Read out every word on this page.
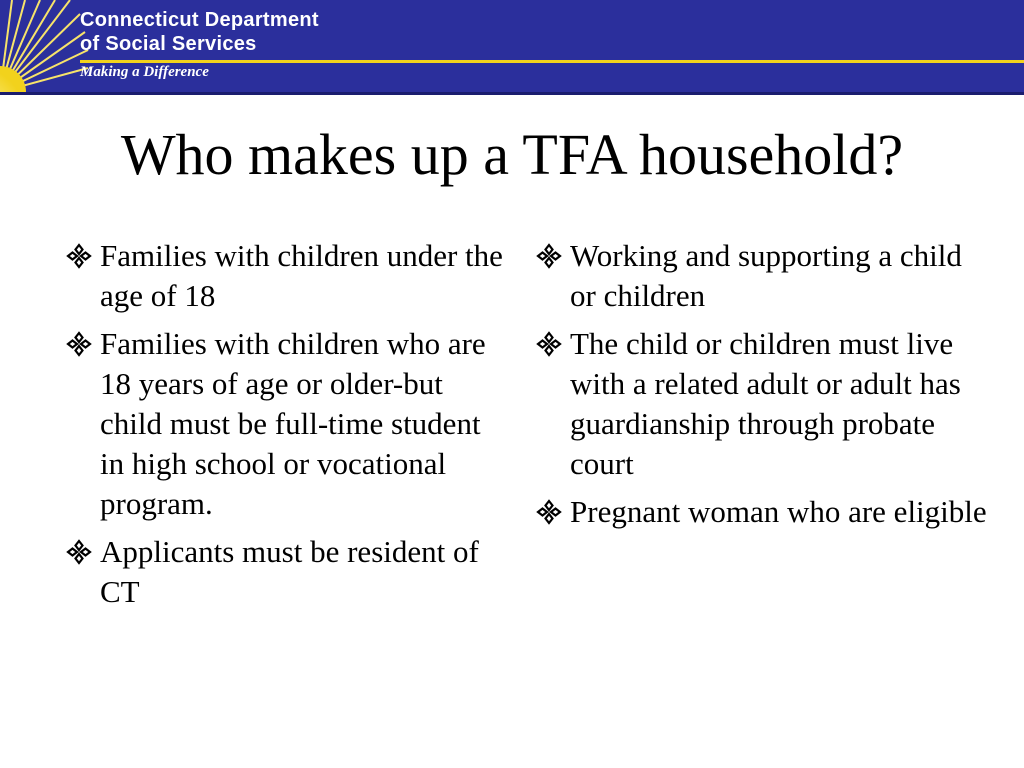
Connecticut Department
of Social Services
Making a Difference
Who makes up a TFA household?
Families with children under the age of 18
Families with children who are 18 years of age or older-but child must be full-time student in high school or vocational program.
Applicants must be resident of CT
Working and supporting a child or children
The child or children must live with a related adult or adult has guardianship through probate court
Pregnant woman who are eligible
